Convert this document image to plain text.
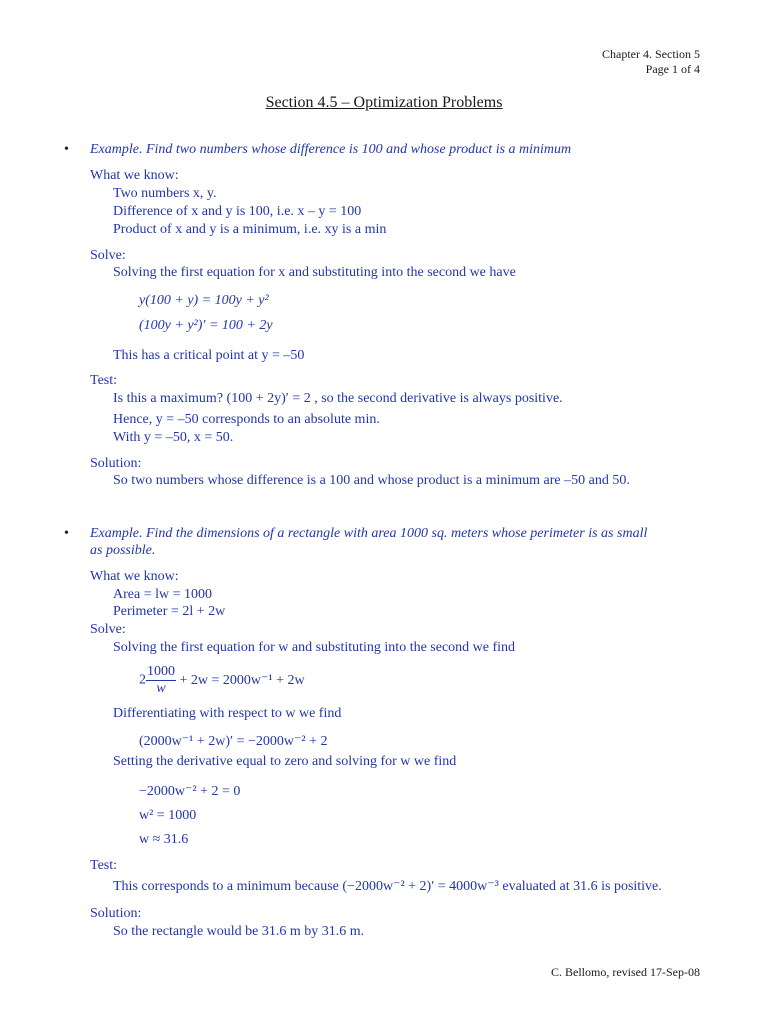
Chapter 4. Section 5
Page 1 of 4
Section 4.5 – Optimization Problems
• Example. Find two numbers whose difference is 100 and whose product is a minimum
What we know:
Two numbers x, y.
Difference of x and y is 100, i.e. x – y = 100
Product of x and y is a minimum, i.e. xy is a min
Solve:
Solving the first equation for x and substituting into the second we have
y(100 + y) = 100y + y²
(100y + y²)′ = 100 + 2y
This has a critical point at y = –50
Test:
Is this a maximum? (100 + 2y)′ = 2 , so the second derivative is always positive.
Hence, y = –50 corresponds to an absolute min.
With y = –50, x = 50.
Solution:
So two numbers whose difference is a 100 and whose product is a minimum are –50 and 50.
• Example. Find the dimensions of a rectangle with area 1000 sq. meters whose perimeter is as small
as possible.
What we know:
Area = lw = 1000
Perimeter = 2l + 2w
Solve:
Solving the first equation for w and substituting into the second we find
$2 \frac{1000}{w} + 2w = 2000w^{-1} + 2w$
Differentiating with respect to w we find
(2000w⁻¹ + 2w)′ = −2000w⁻² + 2
Setting the derivative equal to zero and solving for w we find
−2000w⁻² + 2 = 0
w² = 1000
w ≈ 31.6
Test:
This corresponds to a minimum because (−2000w⁻² + 2)′ = 4000w⁻³ evaluated at 31.6 is positive.
Solution:
So the rectangle would be 31.6 m by 31.6 m.
C. Bellomo, revised 17-Sep-08
